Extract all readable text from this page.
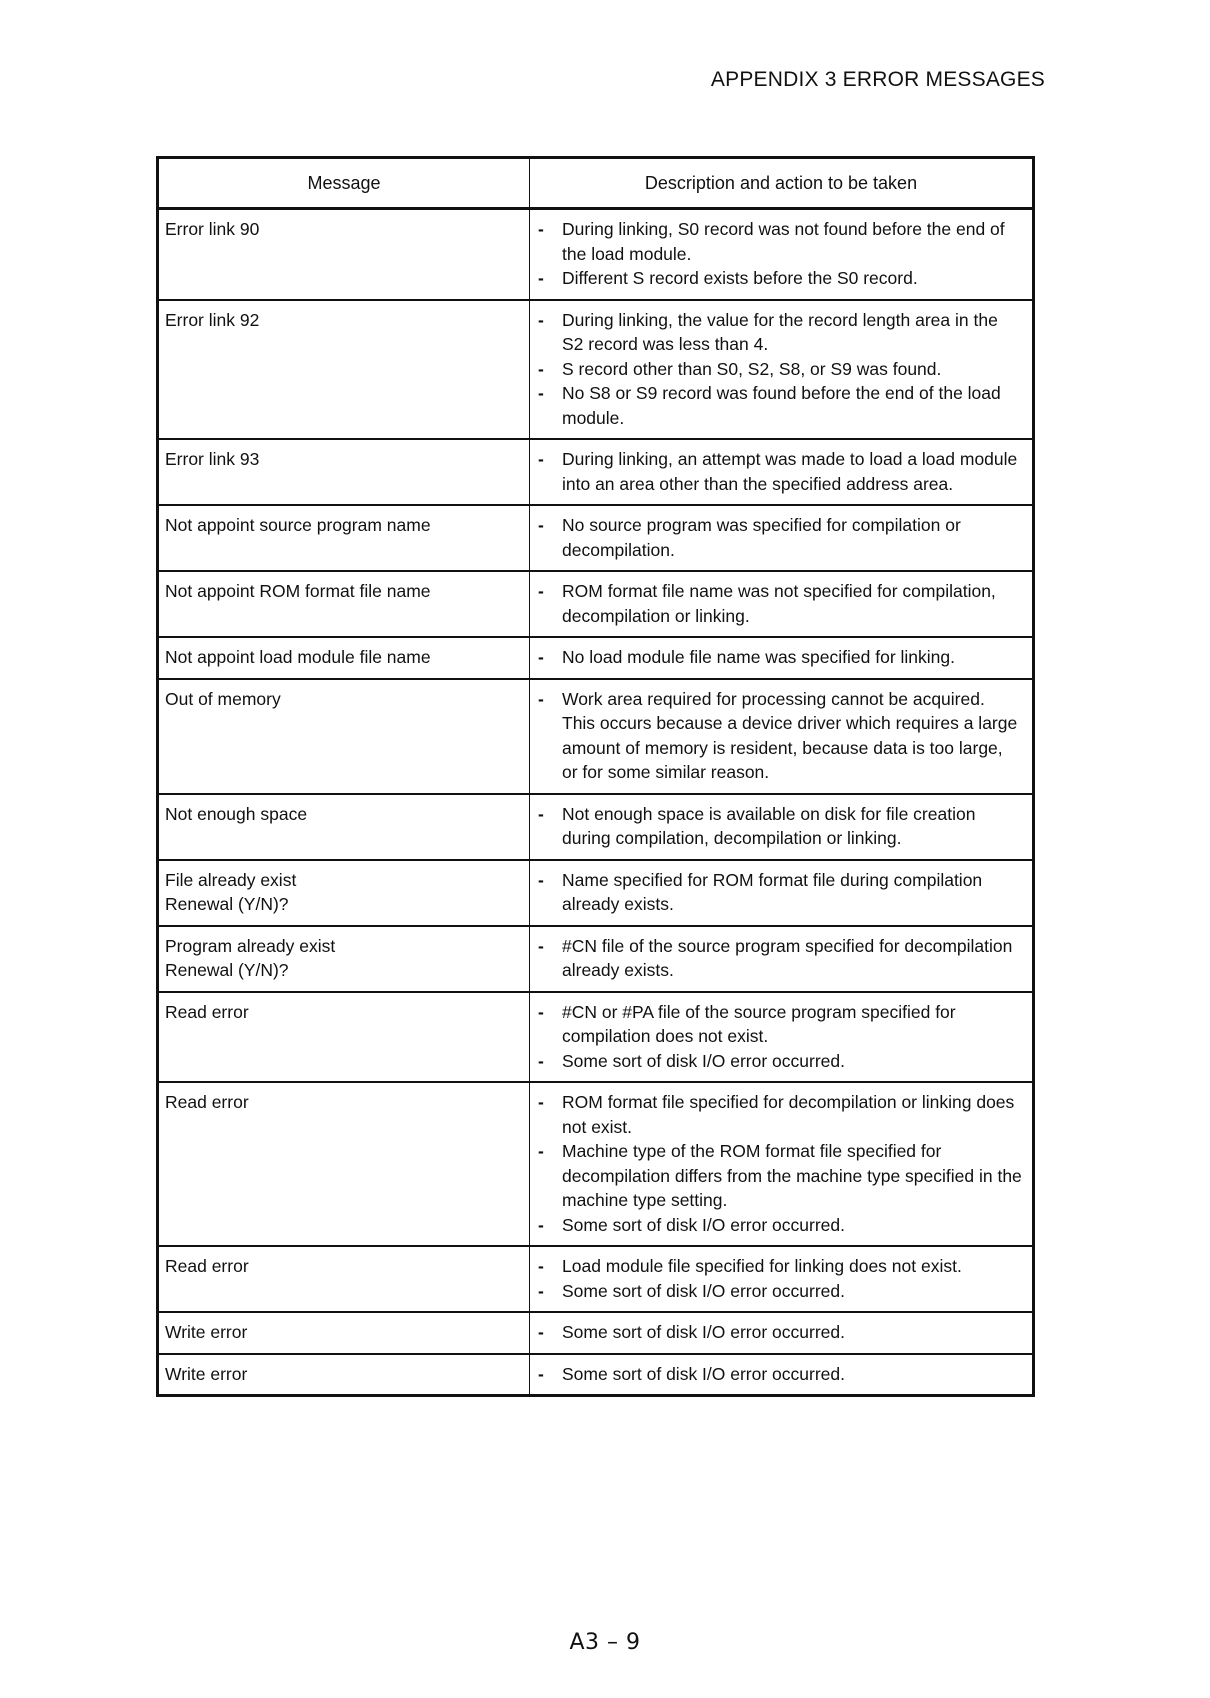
APPENDIX 3 ERROR MESSAGES
Message	Description and action to be taken

Error link 90	- During linking, S0 record was not found before the end of the load module.
- Different S record exists before the S0 record.

Error link 92	-	During linking, the value for the record length area in the S2 record was less than 4.
-	S record other than S0, S2, S8, or S9 was found.
-	No S8 or S9 record was found before the end of the load module.

Error link 93	- During linking, an attempt was made to load a load module into an area other than the specified address area.

Not appoint source program name	- No source program was specified for compilation or decompilation.

Not appoint ROM format file name	- ROM format file name was not specified for compilation, decompilation or linking.

Not appoint load module file name	- No load module file name was specified for linking.

Out of memory	- Work area required for processing cannot be acquired. This occurs because a device driver which requires a large amount of memory is resident, because data is too large, or for some similar reason.

Not enough space	- Not enough space is available on disk for file creation during compilation, decompilation or linking.

File already exist
Renewal (Y/N)?	- Name specified for ROM format file during compilation already exists.

Program already exist
Renewal (Y/N)?	- #CN file of the source program specified for decompilation already exists.

Read error	- #CN or #PA file of the source program specified for compilation does not exist.
- Some sort of disk I/O error occurred.

Read error	-	ROM format file specified for decompilation or linking does not exist.
-	Machine type of the ROM format file specified for decompilation differs from the machine type specified in the machine type setting.
-	Some sort of disk I/O error occurred.

Read error	- Load module file specified for linking does not exist.
- Some sort of disk I/O error occurred.

Write error	- Some sort of disk I/O error occurred.

Write error	- Some sort of disk I/O error occurred.
A3 – 9
